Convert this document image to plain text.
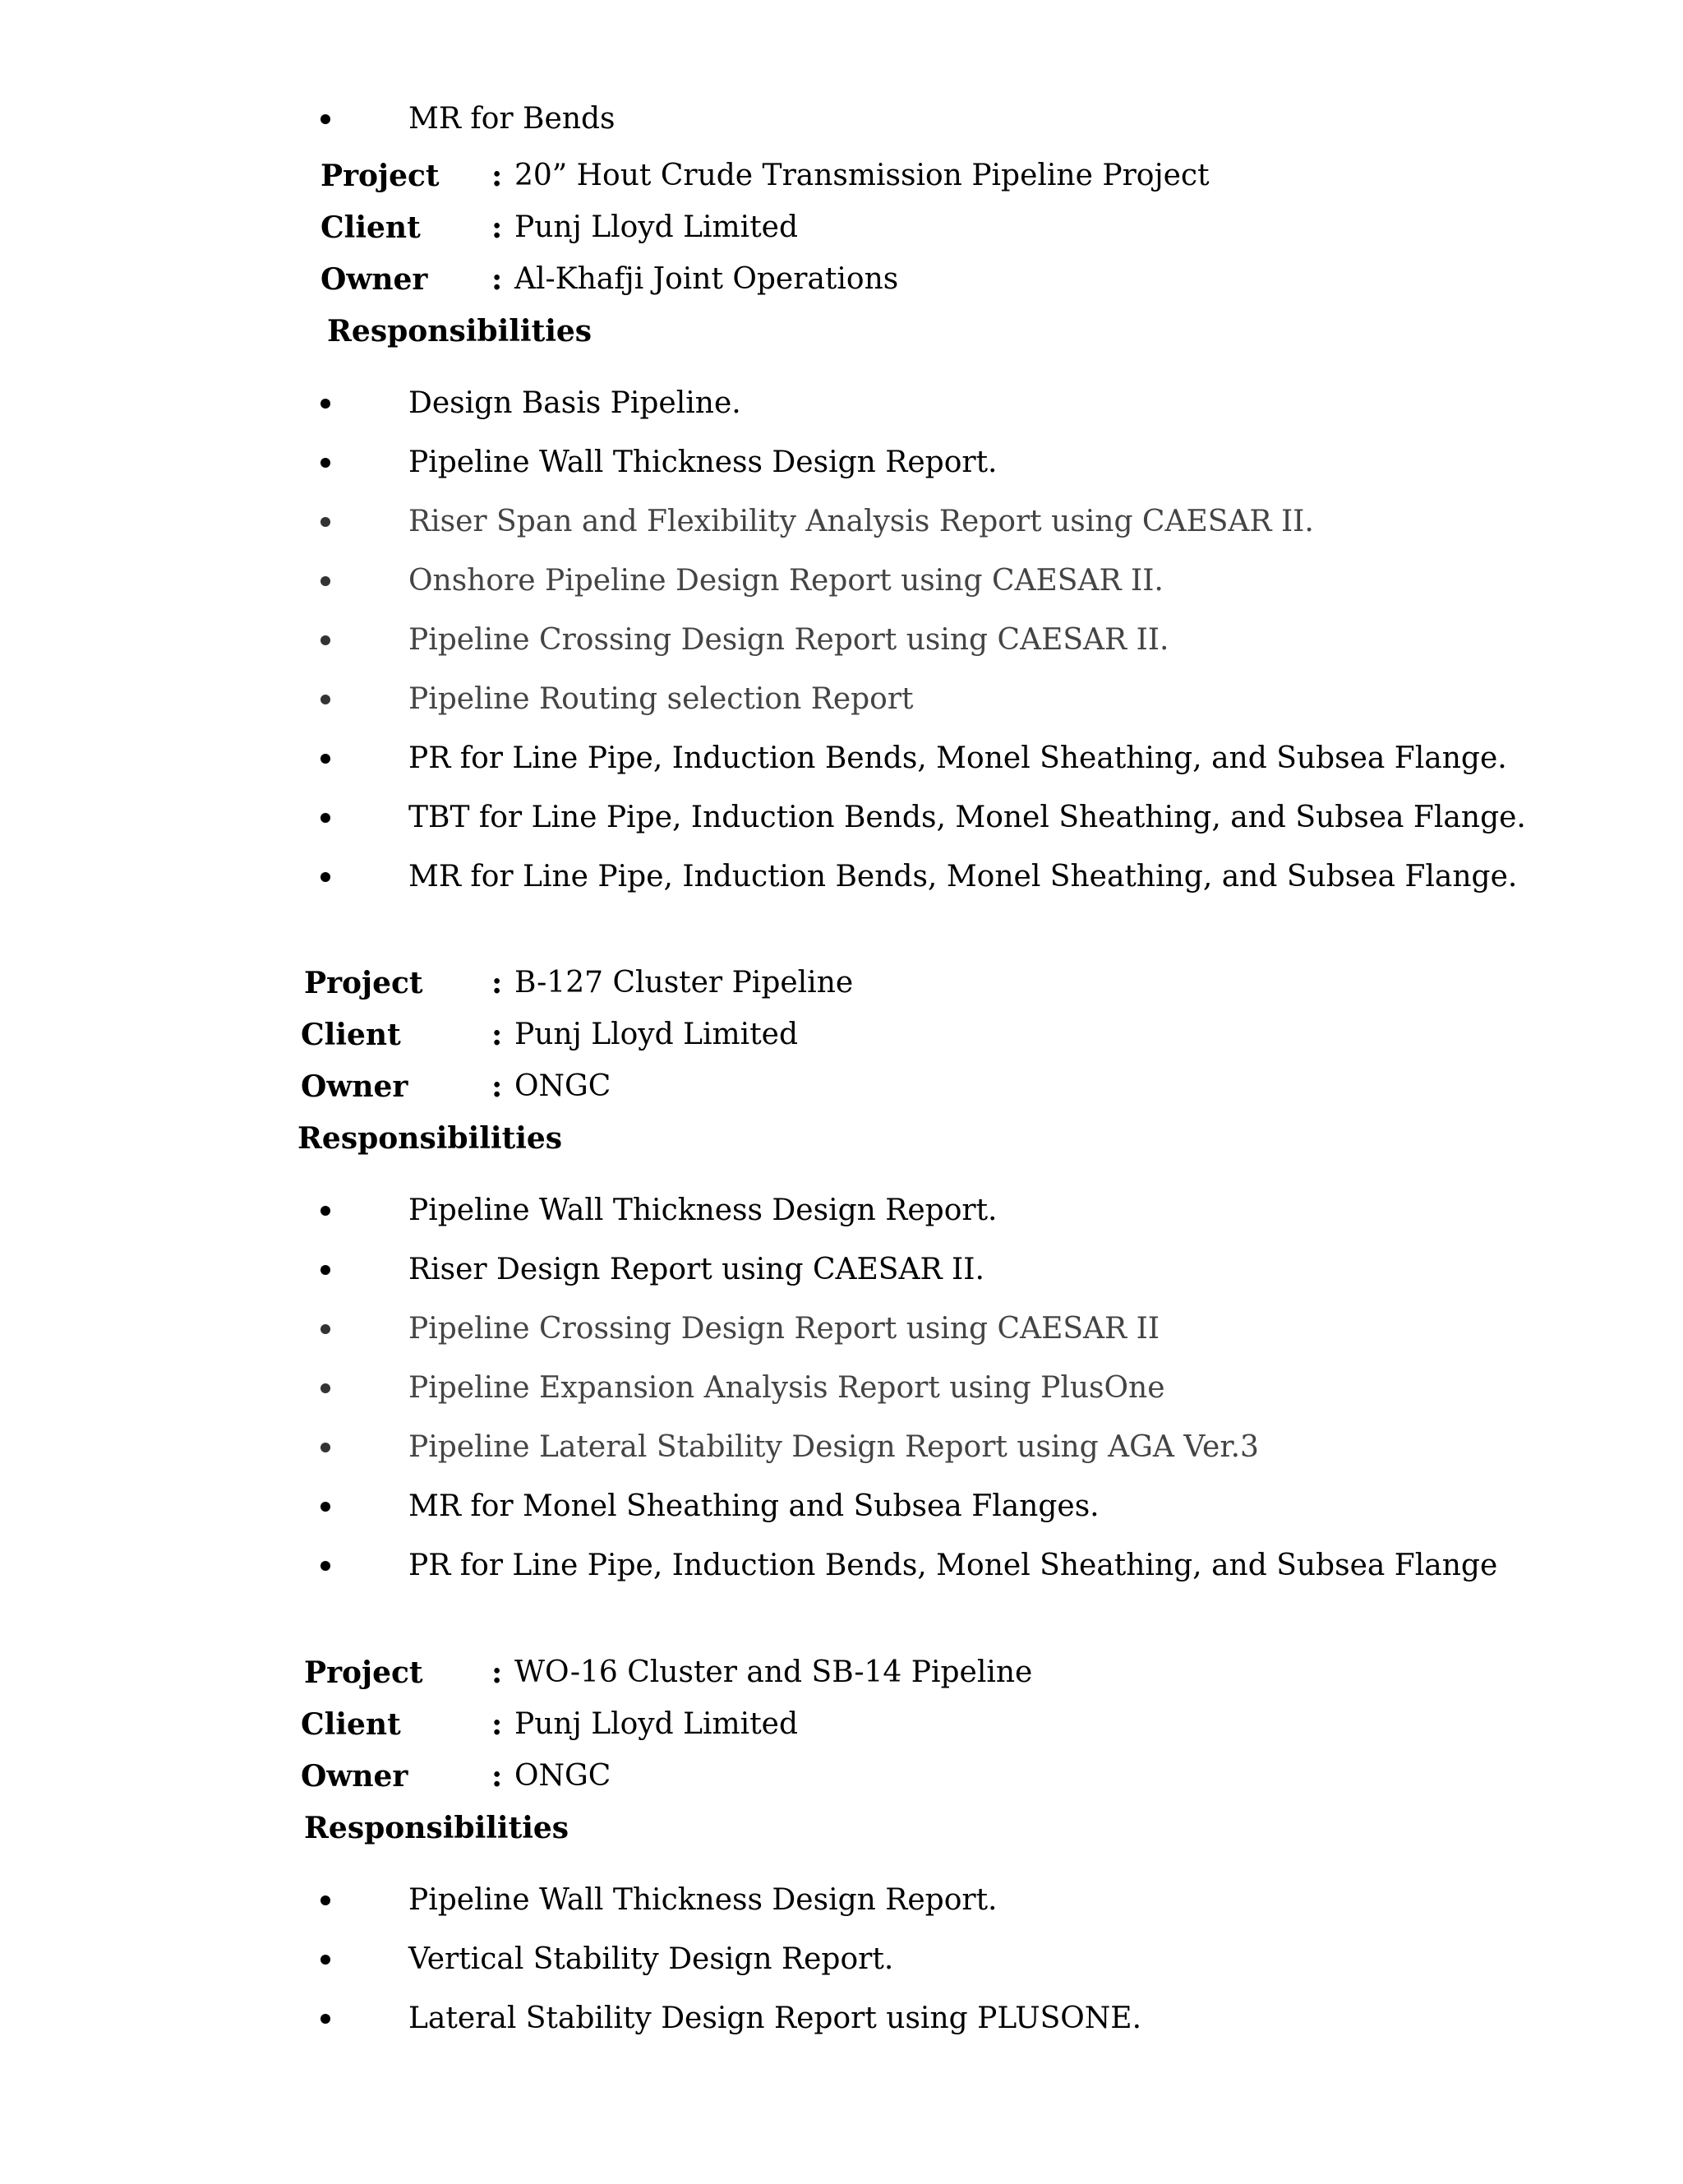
MR for Bends
Project : 20” Hout Crude Transmission Pipeline Project
Client : Punj Lloyd Limited
Owner : Al-Khafji Joint Operations
Responsibilities
Design Basis Pipeline.
Pipeline Wall Thickness Design Report.
Riser Span and Flexibility Analysis Report using CAESAR II.
Onshore Pipeline Design Report using CAESAR II.
Pipeline Crossing Design Report using CAESAR II.
Pipeline Routing selection Report
PR for Line Pipe, Induction Bends, Monel Sheathing, and Subsea Flange.
TBT for Line Pipe, Induction Bends, Monel Sheathing, and Subsea Flange.
MR for Line Pipe, Induction Bends, Monel Sheathing, and Subsea Flange.
Project : B-127 Cluster Pipeline
Client	: Punj Lloyd Limited
Owner	: ONGC
Responsibilities
Pipeline Wall Thickness Design Report.
Riser Design Report using CAESAR II.
Pipeline Crossing Design Report using CAESAR II
Pipeline Expansion Analysis Report using PlusOne
Pipeline Lateral Stability Design Report using AGA Ver.3
MR for Monel Sheathing and Subsea Flanges.
PR for Line Pipe, Induction Bends, Monel Sheathing, and Subsea Flange
Project : WO-16 Cluster and SB-14 Pipeline
Client	: Punj Lloyd Limited
Owner	: ONGC
Responsibilities
Pipeline Wall Thickness Design Report.
Vertical Stability Design Report.
Lateral Stability Design Report using PLUSONE.
